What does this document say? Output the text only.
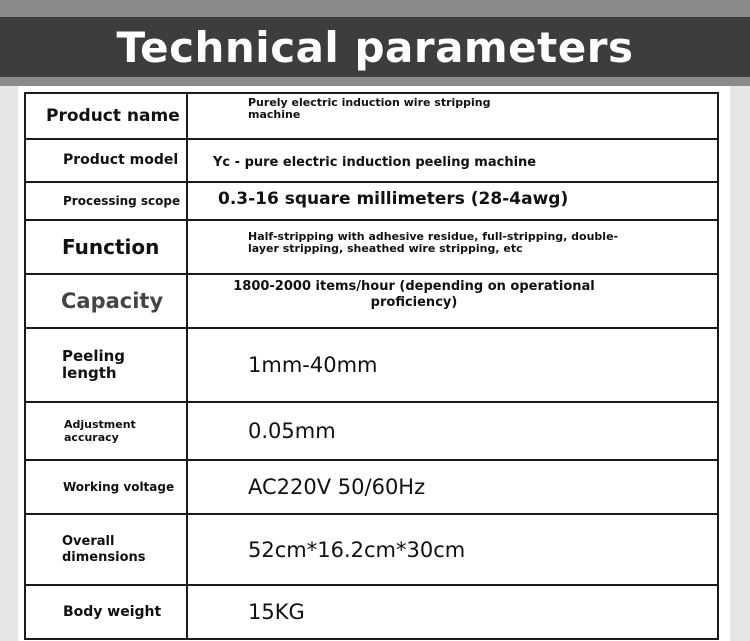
Technical parameters
Product name	Purely electric induction wire stripping machine

Product model	Yc - pure electric induction peeling machine

Processing scope	0.3-16 square millimeters (28-4awg)

Function	Half-stripping with adhesive residue, full-stripping, double-layer stripping, sheathed wire stripping, etc

Capacity	1800-2000 items/hour (depending on operational proficiency)

Peeling length	1mm-40mm

Adjustment accuracy	0.05mm

Working voltage	AC220V 50/60Hz

Overall dimensions	52cm*16.2cm*30cm

Body weight	15KG
